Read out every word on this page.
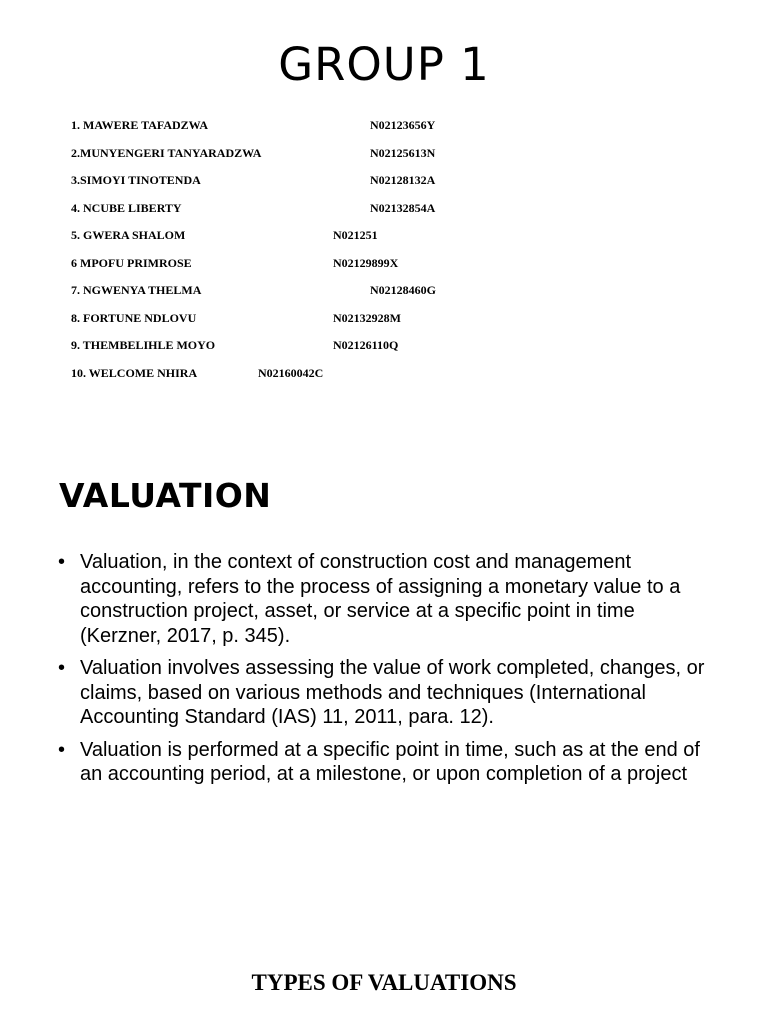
GROUP 1
1. MAWERE TAFADZWA	N02123656Y
2.MUNYENGERI TANYARADZWA	N02125613N
3.SIMOYI TINOTENDA	N02128132A
4. NCUBE LIBERTY	N02132854A
5. GWERA SHALOM	N021251
6 MPOFU PRIMROSE	N02129899X
7. NGWENYA THELMA	N02128460G
8. FORTUNE NDLOVU	N02132928M
9. THEMBELIHLE MOYO	N02126110Q
10. WELCOME NHIRA	N02160042C
VALUATION
• Valuation, in the context of construction cost and management accounting, refers to the process of assigning a monetary value to a construction project, asset, or service at a specific point in time (Kerzner, 2017, p. 345).
• Valuation involves assessing the value of work completed, changes, or claims, based on various methods and techniques (International Accounting Standard (IAS) 11, 2011, para. 12).
• Valuation is performed at a specific point in time, such as at the end of an accounting period, at a milestone, or upon completion of a project
TYPES OF VALUATIONS
